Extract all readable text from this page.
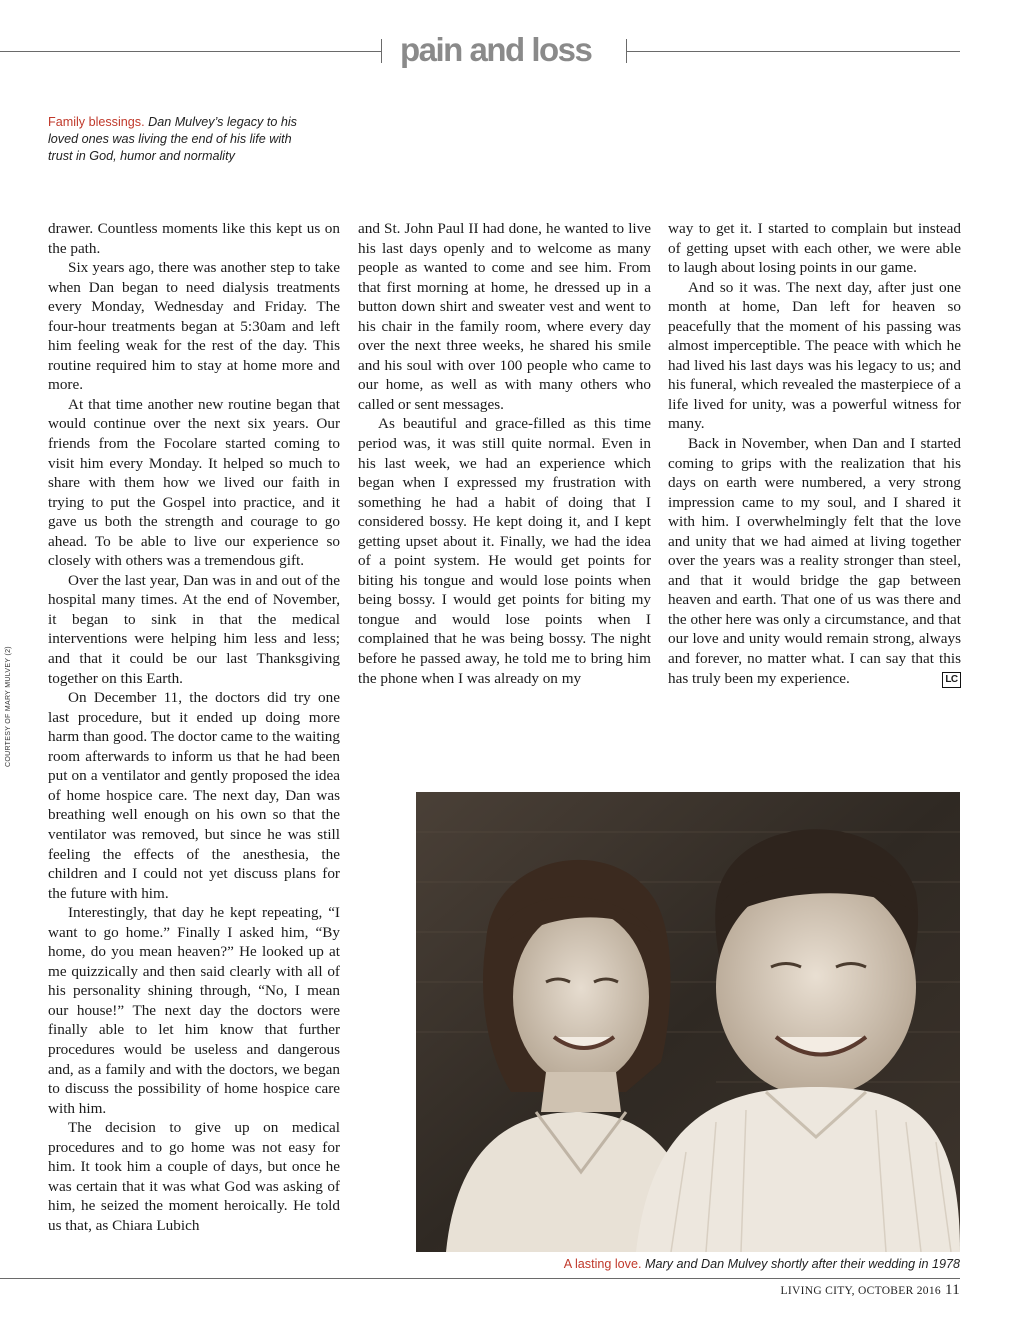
pain and loss
Family blessings. Dan Mulvey’s legacy to his loved ones was living the end of his life with trust in God, humor and normality
COURTESY OF MARY MULVEY (2)

drawer. Countless moments like this kept us on the path.

Six years ago, there was another step to take when Dan began to need dialysis treatments every Monday, Wednesday and Friday. The four-hour treatments began at 5:30am and left him feeling weak for the rest of the day. This routine required him to stay at home more and more.

At that time another new routine began that would continue over the next six years. Our friends from the Focolare started coming to visit him every Monday. It helped so much to share with them how we lived our faith in trying to put the Gospel into practice, and it gave us both the strength and courage to go ahead. To be able to live our experience so closely with others was a tremendous gift.

Over the last year, Dan was in and out of the hospital many times. At the end of November, it began to sink in that the medical interventions were helping him less and less; and that it could be our last Thanksgiving together on this Earth.

On December 11, the doctors did try one last procedure, but it ended up doing more harm than good. The doctor came to the waiting room afterwards to inform us that he had been put on a ventilator and gently proposed the idea of home hospice care. The next day, Dan was breathing well enough on his own so that the ventilator was removed, but since he was still feeling the effects of the anesthesia, the children and I could not yet discuss plans for the future with him.

Interestingly, that day he kept repeating, “I want to go home.” Finally I asked him, “By home, do you mean heaven?” He looked up at me quizzically and then said clearly with all of his personality shining through, “No, I mean our house!” The next day the doctors were finally able to let him know that further procedures would be useless and dangerous and, as a family and with the doctors, we began to discuss the possibility of home hospice care with him.

The decision to give up on medical procedures and to go home was not easy for him. It took him a couple of days, but once he was certain that it was what God was asking of him, he seized the moment heroically. He told us that, as Chiara Lubich

and St. John Paul II had done, he wanted to live his last days openly and to welcome as many people as wanted to come and see him. From that first morning at home, he dressed up in a button down shirt and sweater vest and went to his chair in the family room, where every day over the next three weeks, he shared his smile and his soul with over 100 people who came to our home, as well as with many others who called or sent messages.

As beautiful and grace-filled as this time period was, it was still quite normal. Even in his last week, we had an experience which began when I expressed my frustration with something he had a habit of doing that I considered bossy. He kept doing it, and I kept getting upset about it. Finally, we had the idea of a point system. He would get points for biting his tongue and would lose points when being bossy. I would get points for biting my tongue and would lose points when I complained that he was being bossy. The night before he passed away, he told me to bring him the phone when I was already on my

way to get it. I started to complain but instead of getting upset with each other, we were able to laugh about losing points in our game.

And so it was. The next day, after just one month at home, Dan left for heaven so peacefully that the moment of his passing was almost imperceptible. The peace with which he had lived his last days was his legacy to us; and his funeral, which revealed the masterpiece of a life lived for unity, was a powerful witness for many.

Back in November, when Dan and I started coming to grips with the realization that his days on earth were numbered, a very strong impression came to my soul, and I shared it with him. I overwhelmingly felt that the love and unity that we had aimed at living together over the years was a reality stronger than steel, and that it would bridge the gap between heaven and earth. That one of us was there and the other here was only a circumstance, and that our love and unity would remain strong, always and forever, no matter what. I can say that this has truly been my experience.	LC

A lasting love. Mary and Dan Mulvey shortly after their wedding in 1978
LIVING CITY, OCTOBER 2016 11
